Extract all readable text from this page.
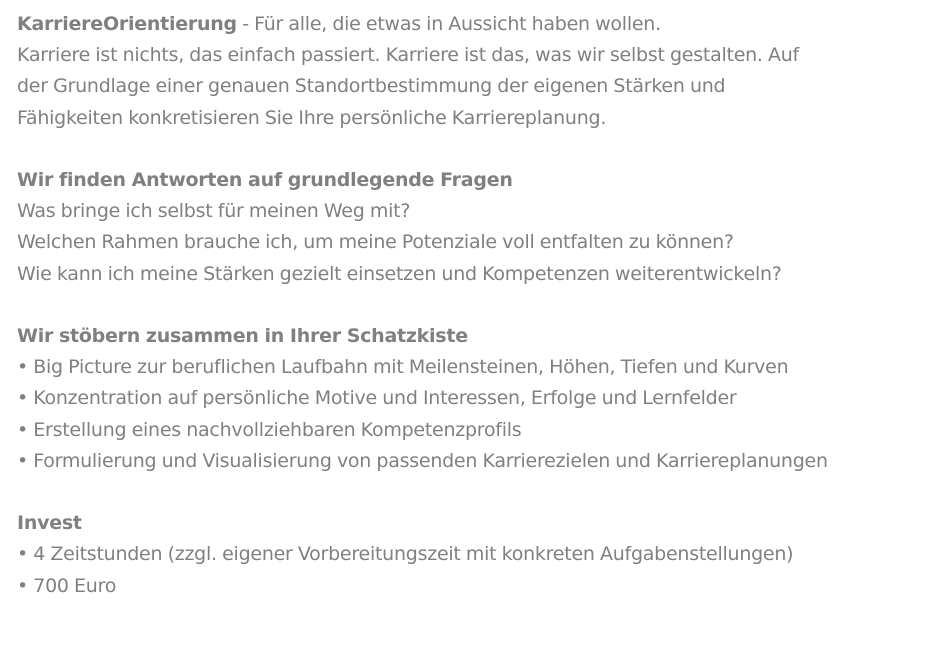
KarriereOrientierung - Für alle, die etwas in Aussicht haben wollen.
Karriere ist nichts, das einfach passiert. Karriere ist das, was wir selbst gestalten. Auf
der Grundlage einer genauen Standortbestimmung der eigenen Stärken und
Fähigkeiten konkretisieren Sie Ihre persönliche Karriereplanung.
Wir finden Antworten auf grundlegende Fragen
Was bringe ich selbst für meinen Weg mit?
Welchen Rahmen brauche ich, um meine Potenziale voll entfalten zu können?
Wie kann ich meine Stärken gezielt einsetzen und Kompetenzen weiterentwickeln?
Wir stöbern zusammen in Ihrer Schatzkiste
• Big Picture zur beruflichen Laufbahn mit Meilensteinen, Höhen, Tiefen und Kurven
• Konzentration auf persönliche Motive und Interessen, Erfolge und Lernfelder
• Erstellung eines nachvollziehbaren Kompetenzprofils
• Formulierung und Visualisierung von passenden Karrierezielen und Karriereplanungen
Invest
• 4 Zeitstunden (zzgl. eigener Vorbereitungszeit mit konkreten Aufgabenstellungen)
• 700 Euro
